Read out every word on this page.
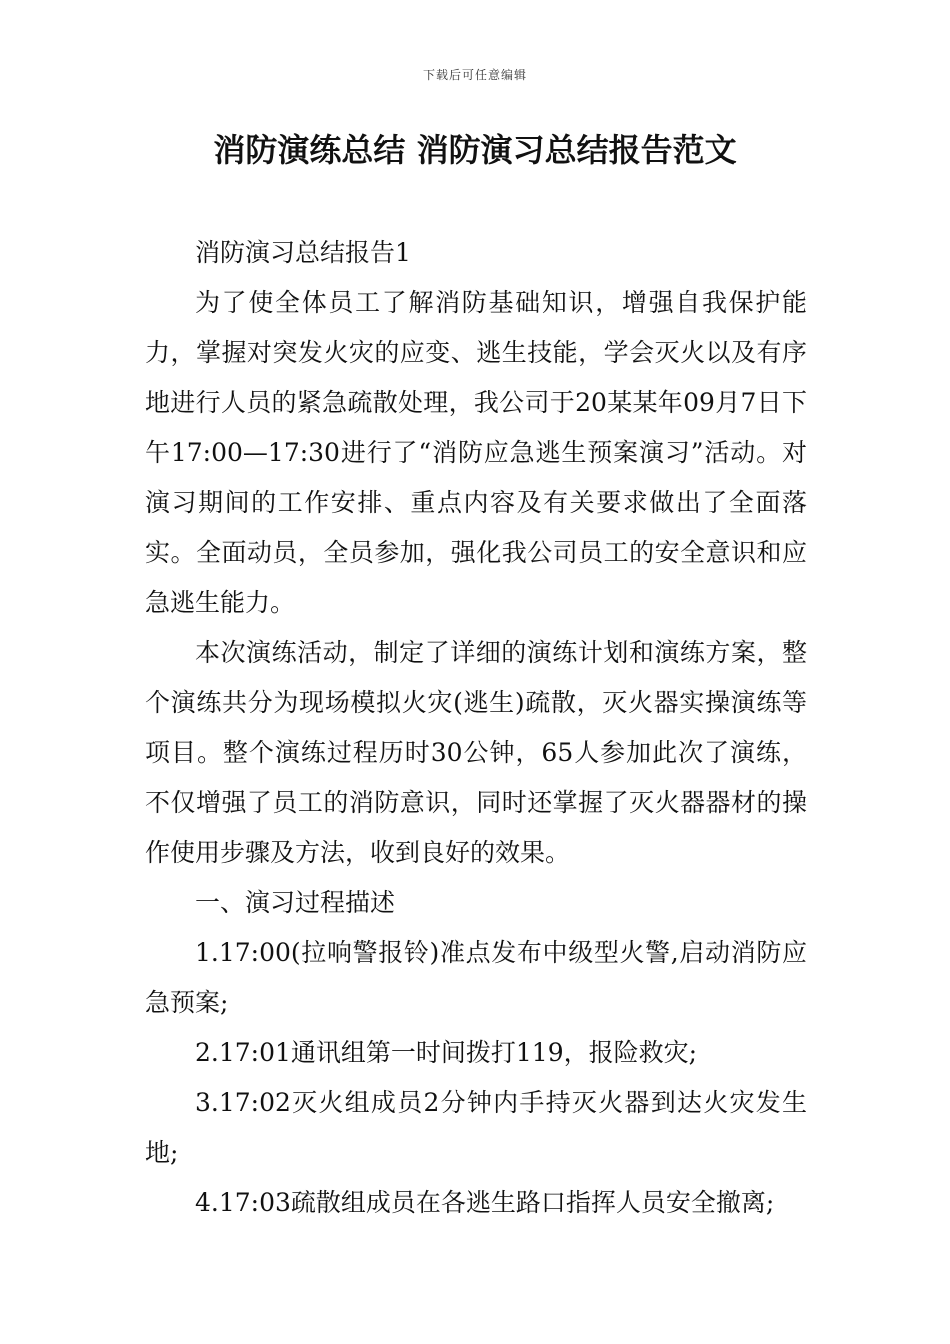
下载后可任意编辑
消防演练总结 消防演习总结报告范文

消防演习总结报告1

为了使全体员工了解消防基础知识，增强自我保护能力，掌握对突发火灾的应变、逃生技能，学会灭火以及有序地进行人员的紧急疏散处理，我公司于20某某年09月7日下午17:00—17:30进行了“消防应急逃生预案演习”活动。对演习期间的工作安排、重点内容及有关要求做出了全面落实。全面动员，全员参加，强化我公司员工的安全意识和应急逃生能力。

本次演练活动，制定了详细的演练计划和演练方案，整个演练共分为现场模拟火灾(逃生)疏散，灭火器实操演练等项目。整个演练过程历时30公钟，65人参加此次了演练，不仅增强了员工的消防意识，同时还掌握了灭火器器材的操作使用步骤及方法，收到良好的效果。

一、演习过程描述

1.17:00(拉响警报铃)准点发布中级型火警,启动消防应急预案;

2.17:01通讯组第一时间拨打119，报险救灾;

3.17:02灭火组成员2分钟内手持灭火器到达火灾发生地;

4.17:03疏散组成员在各逃生路口指挥人员安全撤离;
